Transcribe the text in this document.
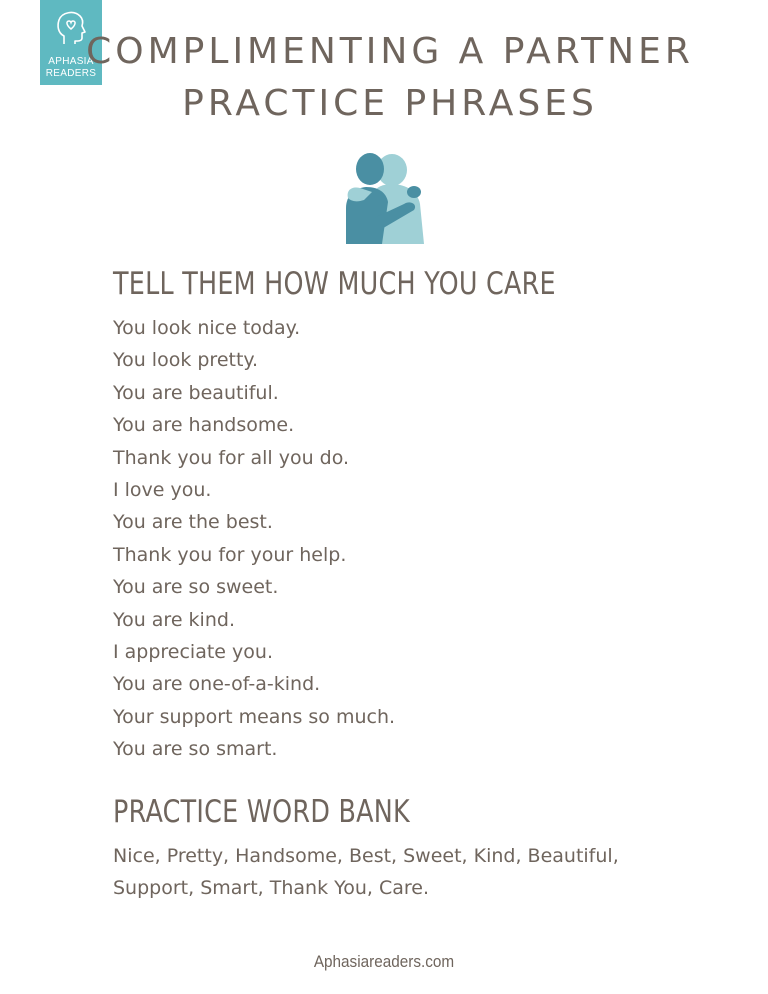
APHASIA
READERS
COMPLIMENTING A PARTNER
PRACTICE PHRASES
TELL THEM HOW MUCH YOU CARE
You look nice today.
You look pretty.
You are beautiful.
You are handsome.
Thank you for all you do.
I love you.
You are the best.
Thank you for your help.
You are so sweet.
You are kind.
I appreciate you.
You are one-of-a-kind.
Your support means so much.
You are so smart.
PRACTICE WORD BANK

Nice, Pretty, Handsome, Best, Sweet, Kind, Beautiful, Support, Smart, Thank You, Care.

Aphasiareaders.com
